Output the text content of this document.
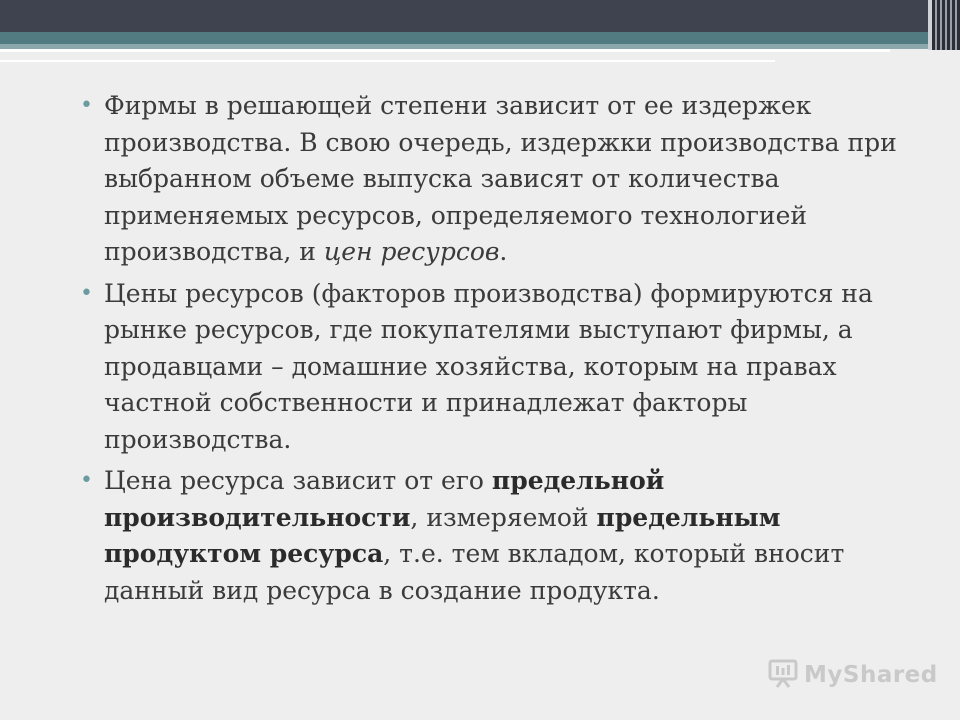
• Фирмы в решающей степени зависит от ее издержек производства. В свою очередь, издержки производства при выбранном объеме выпуска зависят от количества применяемых ресурсов, определяемого технологией производства, и цен ресурсов.
• Цены ресурсов (факторов производства) формируются на рынке ресурсов, где покупателями выступают фирмы, а продавцами – домашние хозяйства, которым на правах частной собственности и принадлежат факторы производства.
• Цена ресурса зависит от его предельной производительности, измеряемой предельным продуктом ресурса, т.е. тем вкладом, который вносит данный вид ресурса в создание продукта.
MyShared
